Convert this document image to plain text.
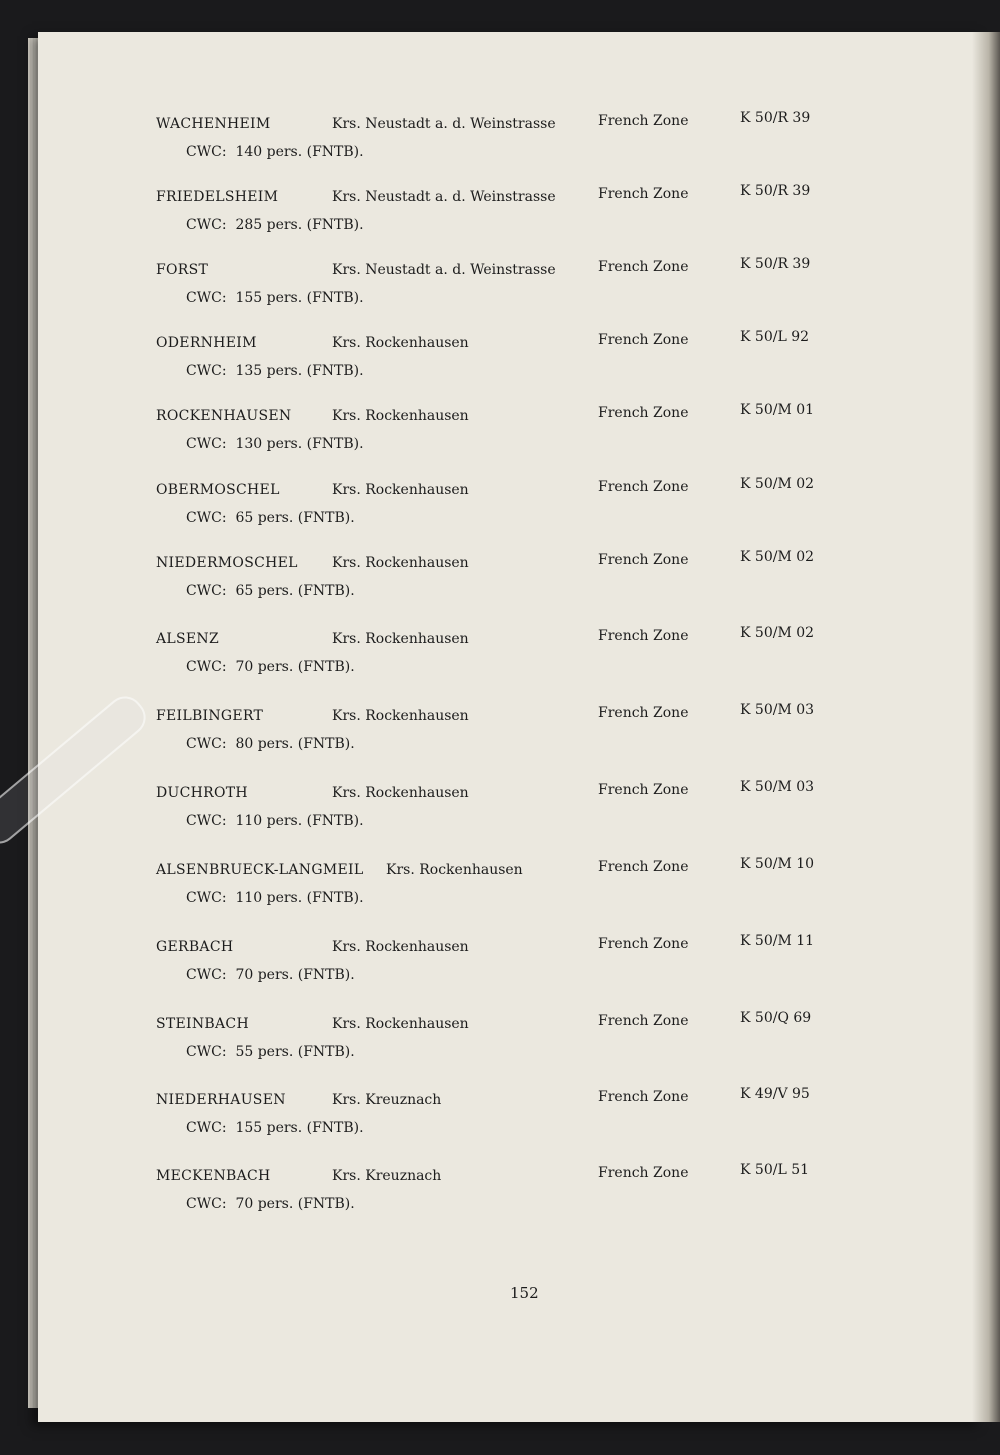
WACHENHEIM	Krs. Neustadt a. d. Weinstrasse	French Zone	K 50/R 39
CWC: 140 pers. (FNTB).
FRIEDELSHEIM	Krs. Neustadt a. d. Weinstrasse	French Zone	K 50/R 39
CWC: 285 pers. (FNTB).
FORST	Krs. Neustadt a. d. Weinstrasse	French Zone	K 50/R 39
CWC: 155 pers. (FNTB).
ODERNHEIM	Krs. Rockenhausen	French Zone	K 50/L 92
CWC: 135 pers. (FNTB).
ROCKENHAUSEN	Krs. Rockenhausen	French Zone	K 50/M 01
CWC: 130 pers. (FNTB).
OBERMOSCHEL	Krs. Rockenhausen	French Zone	K 50/M 02
CWC: 65 pers. (FNTB).
NIEDERMOSCHEL Krs. Rockenhausen	French Zone	K 50/M 02
CWC: 65 pers. (FNTB).
ALSENZ	Krs. Rockenhausen	French Zone	K 50/M 02
CWC: 70 pers. (FNTB).
FEILBINGERT	Krs. Rockenhausen	French Zone	K 50/M 03
CWC: 80 pers. (FNTB).
DUCHROTH	Krs. Rockenhausen	French Zone	K 50/M 03
CWC: 110 pers. (FNTB).
ALSENBRUECK-LANGMEIL Krs. Rockenhausen	French Zone	K 50/M 10
CWC: 110 pers. (FNTB).
GERBACH	Krs. Rockenhausen	French Zone	K 50/M 11
CWC: 70 pers. (FNTB).
STEINBACH	Krs. Rockenhausen	French Zone	K 50/Q 69
CWC: 55 pers. (FNTB).
NIEDERHAUSEN	Krs. Kreuznach	French Zone	K 49/V 95
CWC: 155 pers. (FNTB).
MECKENBACH	Krs. Kreuznach	French Zone	K 50/L 51
CWC: 70 pers. (FNTB).
152
